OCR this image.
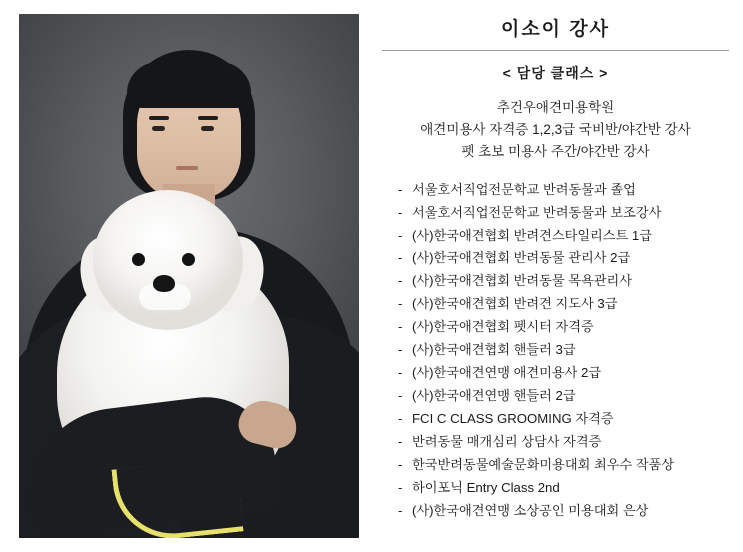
이소이 강사
< 담당 클래스 >
추건우애견미용학원
애견미용사 자격증 1,2,3급 국비반/야간반 강사
펫 초보 미용사 주간/야간반 강사
- 서울호서직업전문학교 반려동물과 졸업
- 서울호서직업전문학교 반려동물과 보조강사
- (사)한국애견협회 반려견스타일리스트 1급
- (사)한국애견협회 반려동물 관리사 2급
- (사)한국애견협회 반려동물 목욕관리사
- (사)한국애견협회 반려견 지도사 3급
- (사)한국애견협회 펫시터 자격증
- (사)한국애견협회 핸들러 3급
- (사)한국애견연맹 애견미용사 2급
- (사)한국애견연맹 핸들러 2급
- FCI C CLASS GROOMING 자격증
- 반려동물 매개심리 상담사 자격증
- 한국반려동물예술문화미용대회 최우수 작품상
- 하이포닉 Entry Class 2nd
- (사)한국애견연맹 소상공인 미용대회 은상
